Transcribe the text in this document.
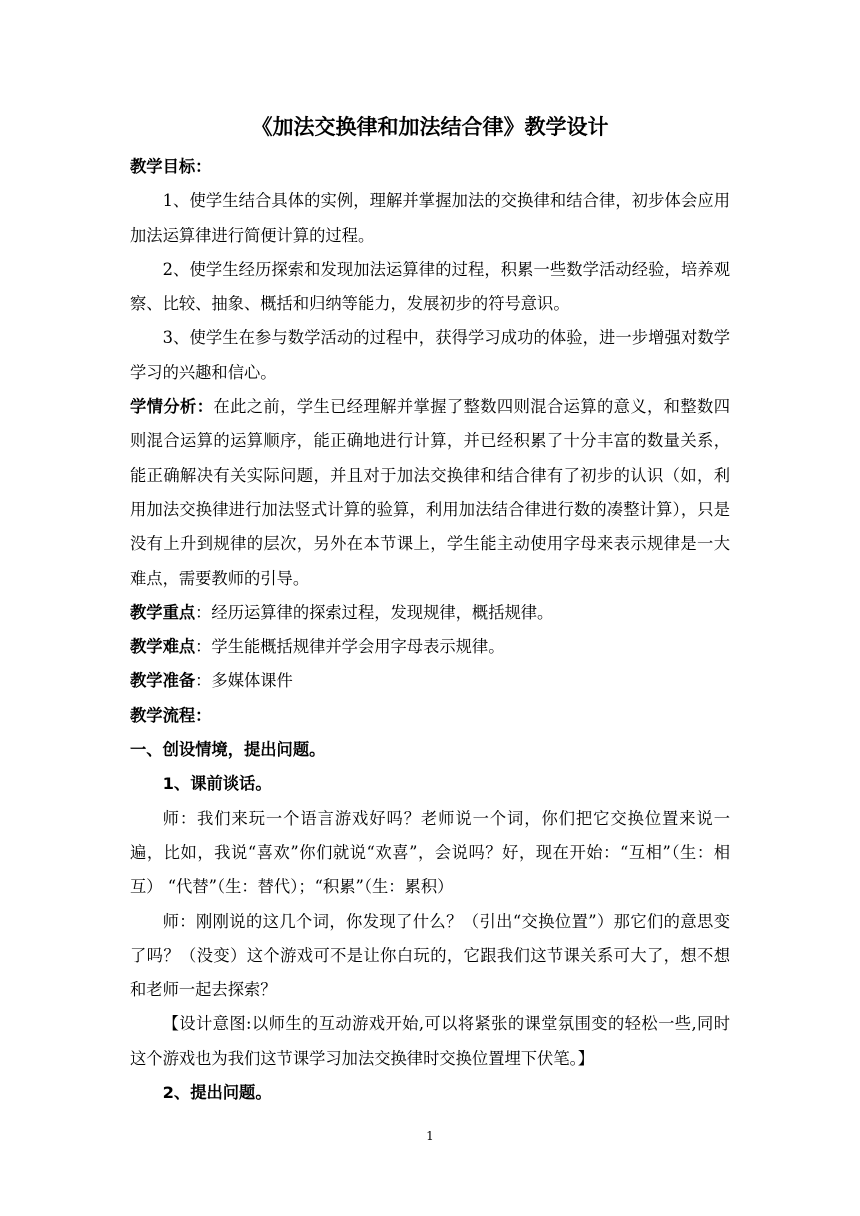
《加法交换律和加法结合律》教学设计

教学目标：

1、使学生结合具体的实例，理解并掌握加法的交换律和结合律，初步体会应用加法运算律进行简便计算的过程。

2、使学生经历探索和发现加法运算律的过程，积累一些数学活动经验，培养观察、比较、抽象、概括和归纳等能力，发展初步的符号意识。

3、使学生在参与数学活动的过程中，获得学习成功的体验，进一步增强对数学学习的兴趣和信心。

学情分析：在此之前，学生已经理解并掌握了整数四则混合运算的意义，和整数四则混合运算的运算顺序，能正确地进行计算，并已经积累了十分丰富的数量关系，能正确解决有关实际问题，并且对于加法交换律和结合律有了初步的认识（如，利用加法交换律进行加法竖式计算的验算，利用加法结合律进行数的凑整计算），只是没有上升到规律的层次，另外在本节课上，学生能主动使用字母来表示规律是一大难点，需要教师的引导。

教学重点：经历运算律的探索过程，发现规律，概括规律。

教学难点：学生能概括规律并学会用字母表示规律。

教学准备：多媒体课件

教学流程：

一、创设情境，提出问题。

1、课前谈话。

师：我们来玩一个语言游戏好吗？老师说一个词，你们把它交换位置来说一遍，比如，我说“喜欢”你们就说“欢喜”，会说吗？好，现在开始：“互相”（生：相互） “代替”（生：替代）；“积累”（生：累积）

师：刚刚说的这几个词，你发现了什么？（引出“交换位置”）那它们的意思变了吗？（没变）这个游戏可不是让你白玩的，它跟我们这节课关系可大了，想不想和老师一起去探索？

【设计意图:以师生的互动游戏开始,可以将紧张的课堂氛围变的轻松一些,同时这个游戏也为我们这节课学习加法交换律时交换位置埋下伏笔。】

2、提出问题。

1
